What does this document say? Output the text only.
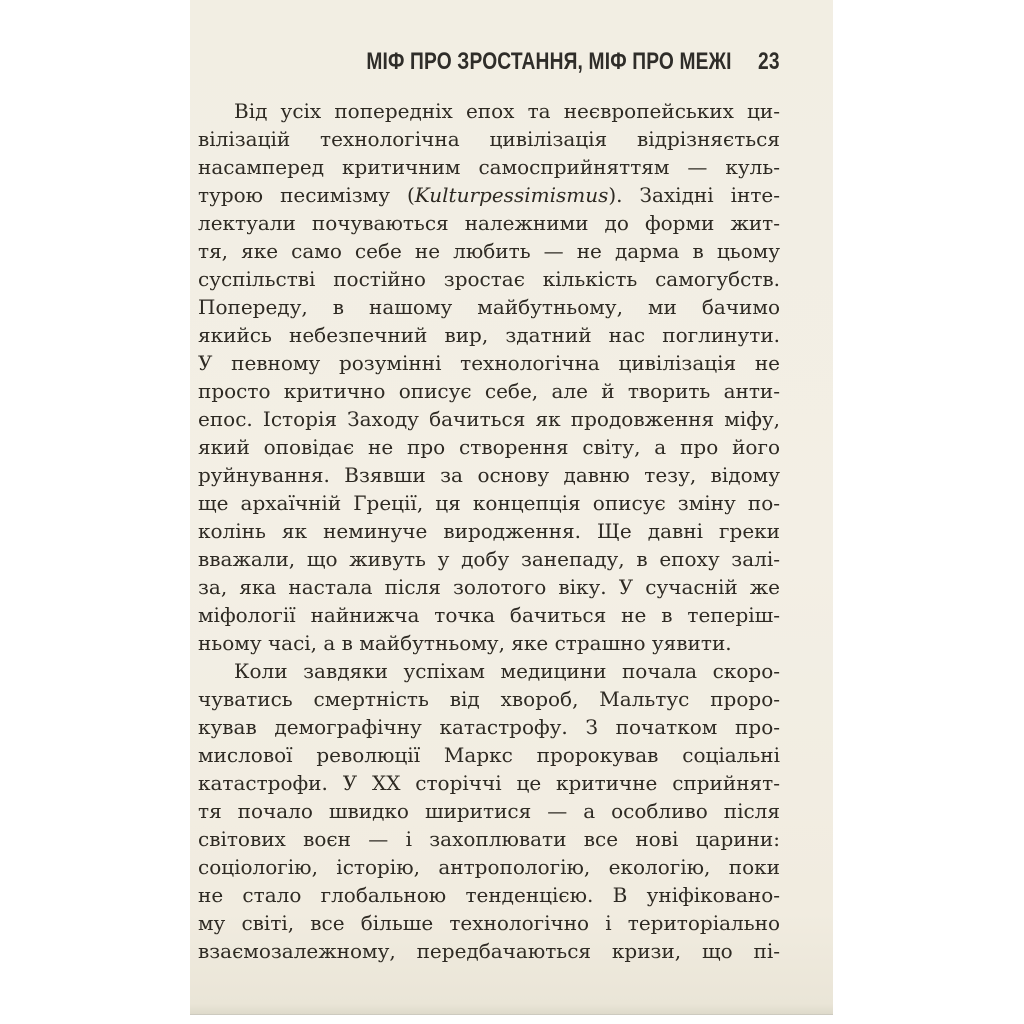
МІФ ПРО ЗРОСТАННЯ, МІФ ПРО МЕЖІ 23
Від усіх попередніх епох та неєвропейських ци-
вілізацій технологічна цивілізація відрізняється
насамперед критичним самосприйняттям — куль-
турою песимізму (Kulturpessimismus). Західні інте-
лектуали почуваються належними до форми жит-
тя, яке само себе не любить — не дарма в цьому
суспільстві постійно зростає кількість самогубств.
Попереду, в нашому майбутньому, ми бачимо
якийсь небезпечний вир, здатний нас поглинути.
У певному розумінні технологічна цивілізація не
просто критично описує себе, але й творить анти-
епос. Історія Заходу бачиться як продовження міфу,
який оповідає не про створення світу, а про його
руйнування. Взявши за основу давню тезу, відому
ще архаїчній Греції, ця концепція описує зміну по-
колінь як неминуче виродження. Ще давні греки
вважали, що живуть у добу занепаду, в епоху залі-
за, яка настала після золотого віку. У сучасній же
міфології найнижча точка бачиться не в теперіш-
ньому часі, а в майбутньому, яке страшно уявити.
Коли завдяки успіхам медицини почала скоро-
чуватись смертність від хвороб, Мальтус проро-
кував демографічну катастрофу. З початком про-
мислової революції Маркс пророкував соціальні
катастрофи. У XX сторіччі це критичне сприйнят-
тя почало швидко ширитися — а особливо після
світових воєн — і захоплювати все нові царини:
соціологію, історію, антропологію, екологію, поки
не стало глобальною тенденцією. В уніфіковано-
му світі, все більше технологічно і територіально
взаємозалежному, передбачаються кризи, що пі-
